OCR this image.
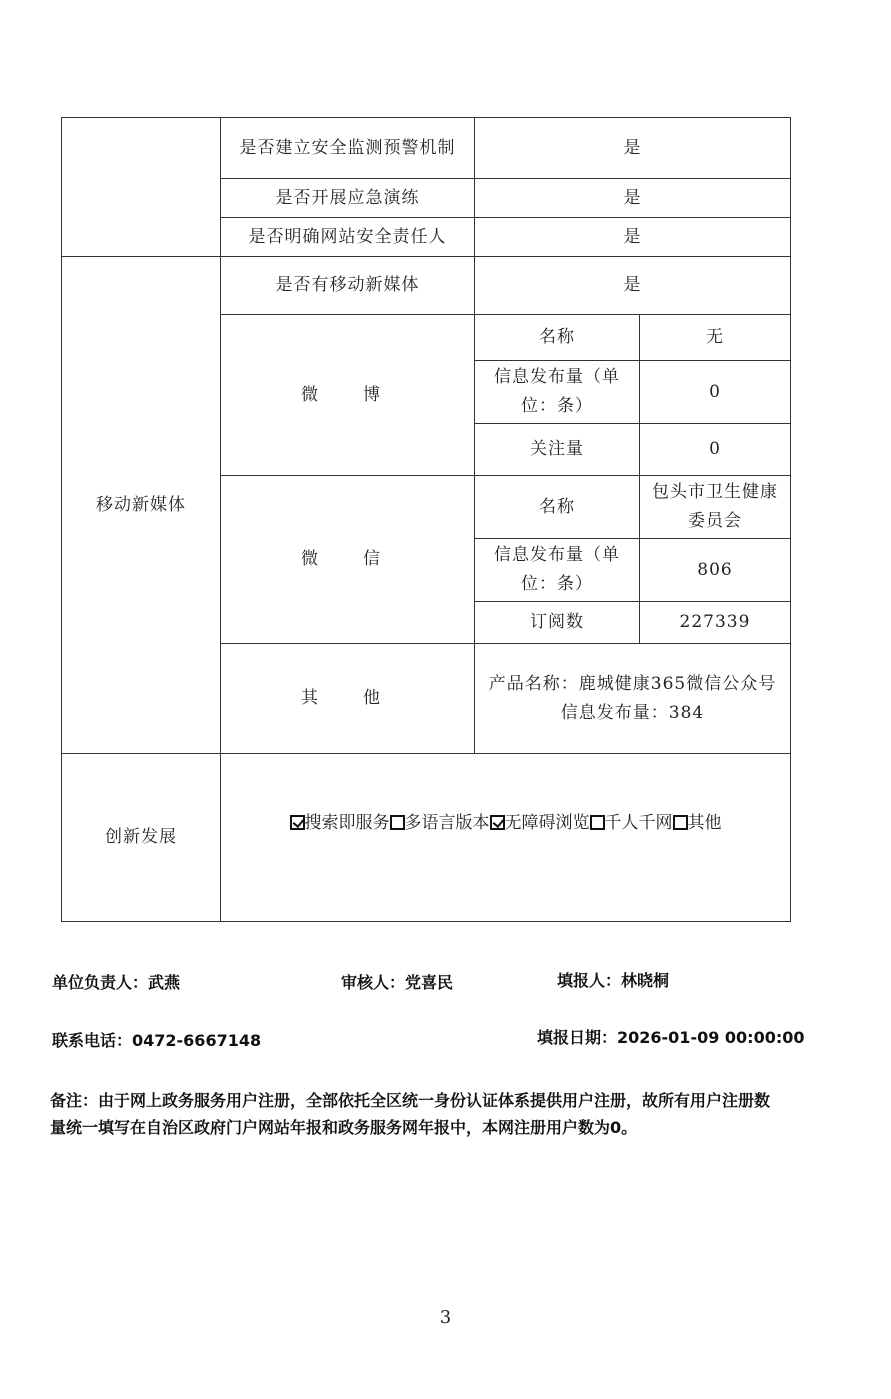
	是否建立安全监测预警机制	是	
	是否开展应急演练	是	
	是否明确网站安全责任人	是	
移动新媒体	是否有移动新媒体	是	
	微　博	名称	无
		信息发布量（单位：条）	0
		关注量	0
	微　信	名称	包头市卫生健康委员会
		信息发布量（单位：条）	806
		订阅数	227339
	其　他	产品名称：鹿城健康365微信公众号 信息发布量：384	
创新发展	搜索即服务 多语言版本 无障碍浏览 千人千网 其他		
单位负责人：武燕	审核人：党喜民	填报人：林晓桐
联系电话：0472-6667148	填报日期：2026-01-09 00:00:00
备注：由于网上政务服务用户注册，全部依托全区统一身份认证体系提供用户注册，故所有用户注册数量统一填写在自治区政府门户网站年报和政务服务网年报中，本网注册用户数为0。
3
